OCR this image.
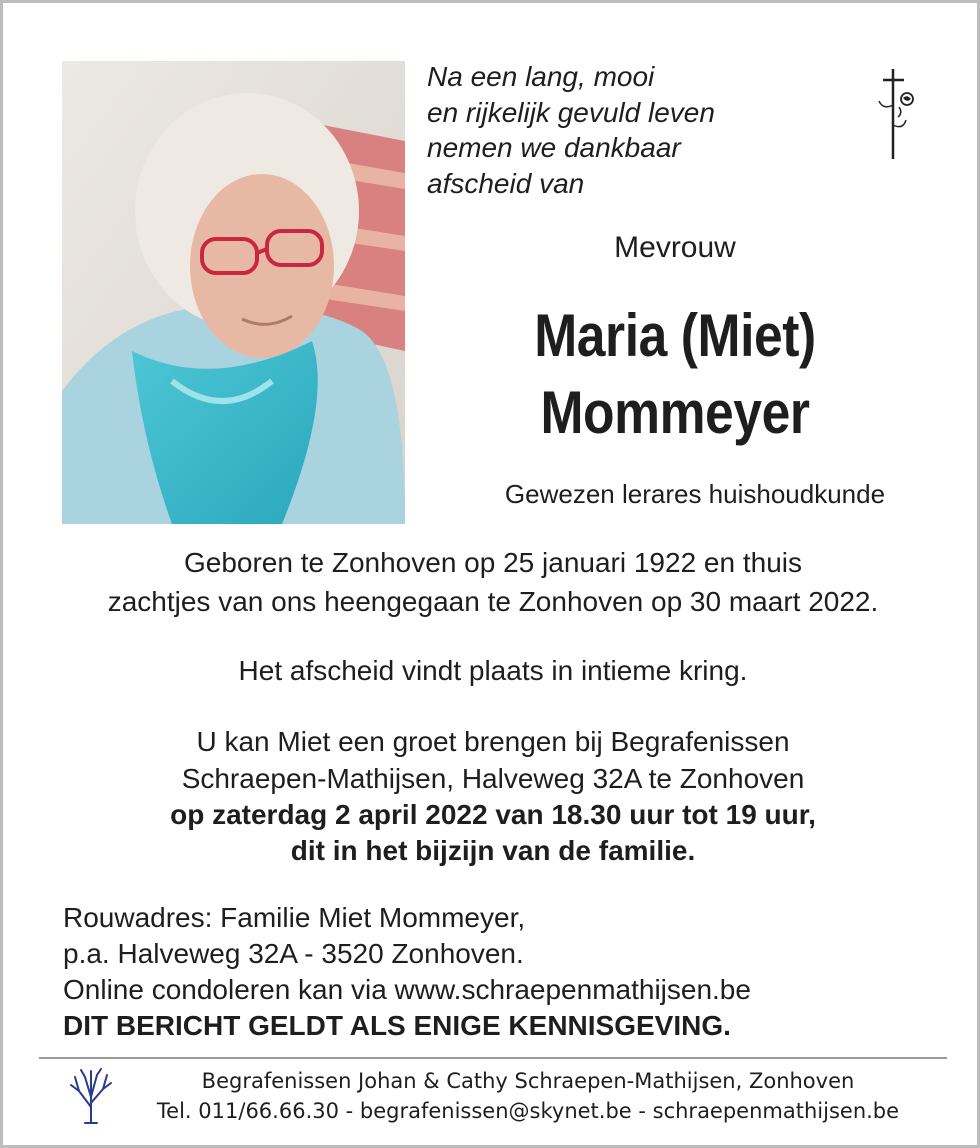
Na een lang, mooi
en rijkelijk gevuld leven
nemen we dankbaar
afscheid van
Mevrouw
Maria (Miet)
Mommeyer
Gewezen lerares huishoudkunde
Geboren te Zonhoven op 25 januari 1922 en thuis
zachtjes van ons heengegaan te Zonhoven op 30 maart 2022.
Het afscheid vindt plaats in intieme kring.
U kan Miet een groet brengen bij Begrafenissen
Schraepen-Mathijsen, Halveweg 32A te Zonhoven
op zaterdag 2 april 2022 van 18.30 uur tot 19 uur,
dit in het bijzijn van de familie.
Rouwadres: Familie Miet Mommeyer,
p.a. Halveweg 32A - 3520 Zonhoven.
Online condoleren kan via www.schraepenmathijsen.be
DIT BERICHT GELDT ALS ENIGE KENNISGEVING.
Begrafenissen Johan & Cathy Schraepen-Mathijsen, Zonhoven
Tel. 011/66.66.30 - begrafenissen@skynet.be - schraepenmathijsen.be
